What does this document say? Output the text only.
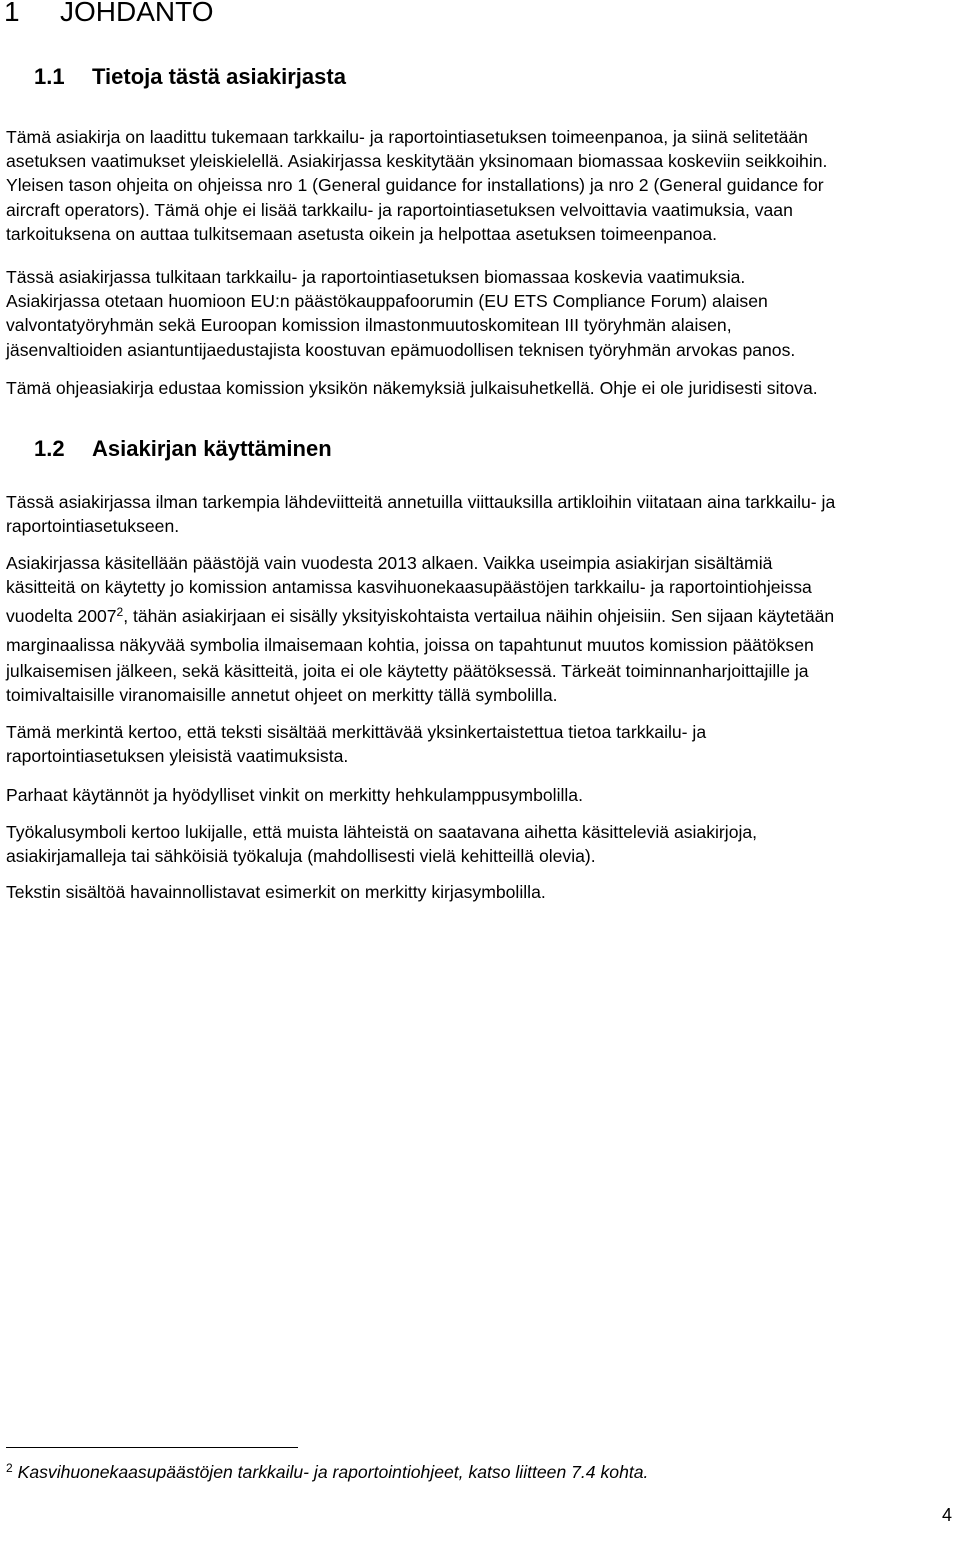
1 JOHDANTO
1.1 Tietoja tästä asiakirjasta

Tämä asiakirja on laadittu tukemaan tarkkailu- ja raportointiasetuksen toimeenpanoa, ja siinä selitetään
asetuksen vaatimukset yleiskielellä. Asiakirjassa keskitytään yksinomaan biomassaa koskeviin seikkoihin.
Yleisen tason ohjeita on ohjeissa nro 1 (General guidance for installations) ja nro 2 (General guidance for
aircraft operators). Tämä ohje ei lisää tarkkailu- ja raportointiasetuksen velvoittavia vaatimuksia, vaan
tarkoituksena on auttaa tulkitsemaan asetusta oikein ja helpottaa asetuksen toimeenpanoa.

Tässä asiakirjassa tulkitaan tarkkailu- ja raportointiasetuksen biomassaa koskevia vaatimuksia.
Asiakirjassa otetaan huomioon EU:n päästökauppafoorumin (EU ETS Compliance Forum) alaisen
valvontatyöryhmän sekä Euroopan komission ilmastonmuutoskomitean III työryhmän alaisen,
jäsenvaltioiden asiantuntijaedustajista koostuvan epämuodollisen teknisen työryhmän arvokas panos.

Tämä ohjeasiakirja edustaa komission yksikön näkemyksiä julkaisuhetkellä. Ohje ei ole juridisesti sitova.

1.2 Asiakirjan käyttäminen

Tässä asiakirjassa ilman tarkempia lähdeviitteitä annetuilla viittauksilla artikloihin viitataan aina tarkkailu- ja
raportointiasetukseen.

Asiakirjassa käsitellään päästöjä vain vuodesta 2013 alkaen. Vaikka useimpia asiakirjan sisältämiä
käsitteitä on käytetty jo komission antamissa kasvihuonekaasupäästöjen tarkkailu- ja raportointiohjeissa
vuodelta 2007$^2$, tähän asiakirjaan ei sisälly yksityiskohtaista vertailua näihin ohjeisiin. Sen sijaan käytetään
marginaalissa näkyvää symbolia ilmaisemaan kohtia, joissa on tapahtunut muutos komission päätöksen
julkaisemisen jälkeen, sekä käsitteitä, joita ei ole käytetty päätöksessä. Tärkeät toiminnanharjoittajille ja
toimivaltaisille viranomaisille annetut ohjeet on merkitty tällä symbolilla.

Tämä merkintä kertoo, että teksti sisältää merkittävää yksinkertaistettua tietoa tarkkailu- ja
raportointiasetuksen yleisistä vaatimuksista.

Parhaat käytännöt ja hyödylliset vinkit on merkitty hehkulamppusymbolilla.

Työkalusymboli kertoo lukijalle, että muista lähteistä on saatavana aihetta käsitteleviä asiakirjoja,
asiakirjamalleja tai sähköisiä työkaluja (mahdollisesti vielä kehitteillä olevia).

Tekstin sisältöä havainnollistavat esimerkit on merkitty kirjasymbolilla.

$^2$ Kasvihuonekaasupäästöjen tarkkailu- ja raportointiohjeet, katso liitteen 7.4 kohta.
4
